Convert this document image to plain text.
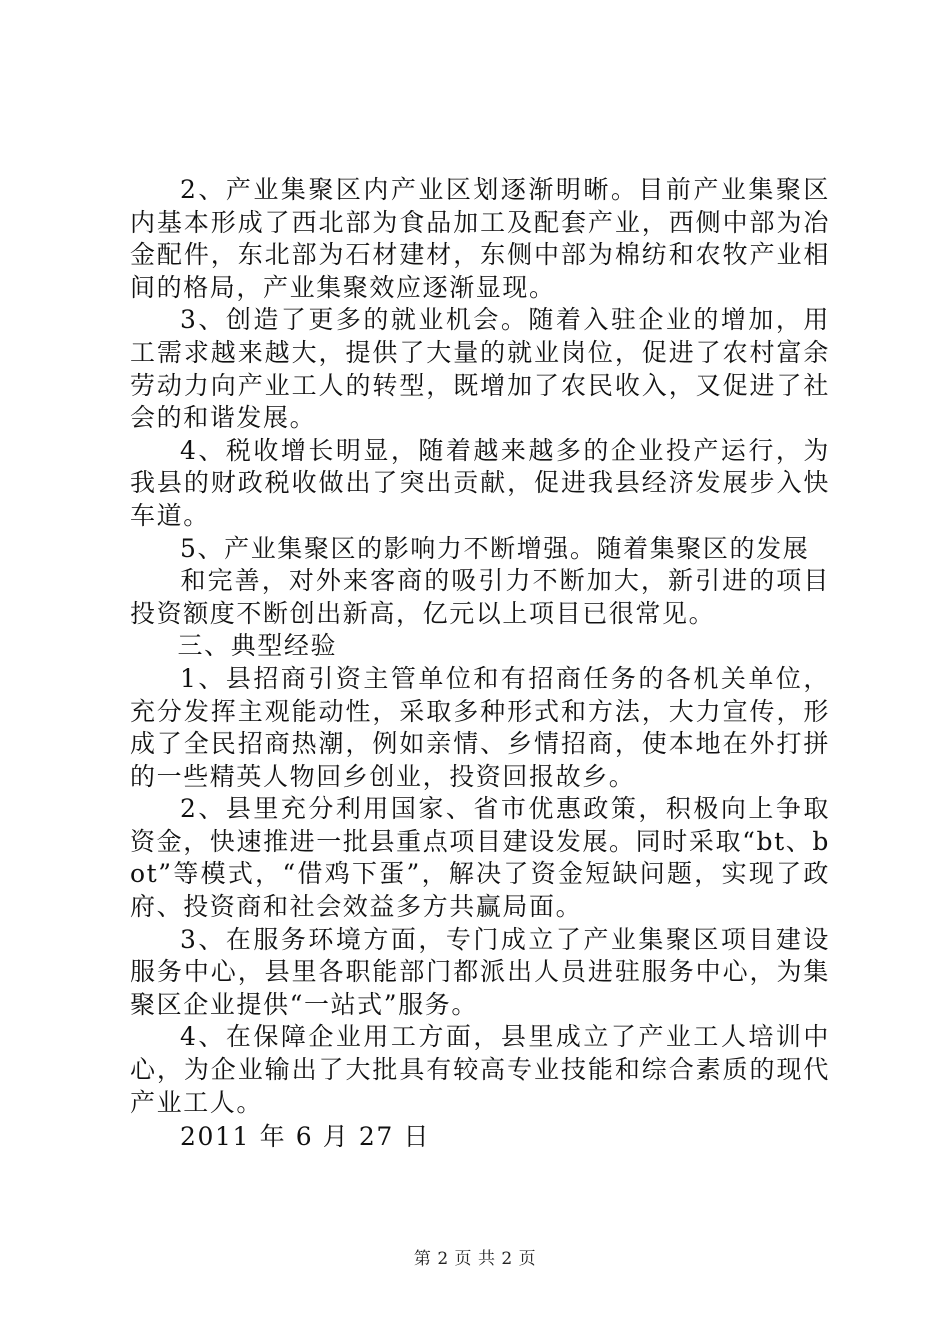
2、产业集聚区内产业区划逐渐明晰。目前产业集聚区内基本形成了西北部为食品加工及配套产业，西侧中部为冶金配件，东北部为石材建材，东侧中部为棉纺和农牧产业相间的格局，产业集聚效应逐渐显现。

3、创造了更多的就业机会。随着入驻企业的增加，用工需求越来越大，提供了大量的就业岗位，促进了农村富余劳动力向产业工人的转型，既增加了农民收入，又促进了社会的和谐发展。

4、税收增长明显，随着越来越多的企业投产运行，为我县的财政税收做出了突出贡献，促进我县经济发展步入快车道。

5、产业集聚区的影响力不断增强。随着集聚区的发展

和完善，对外来客商的吸引力不断加大，新引进的项目投资额度不断创出新高，亿元以上项目已很常见。

三、典型经验

1、县招商引资主管单位和有招商任务的各机关单位，充分发挥主观能动性，采取多种形式和方法，大力宣传，形成了全民招商热潮，例如亲情、乡情招商，使本地在外打拼的一些精英人物回乡创业，投资回报故乡。

2、县里充分利用国家、省市优惠政策，积极向上争取资金，快速推进一批县重点项目建设发展。同时采取“bt、bot”等模式，“借鸡下蛋”，解决了资金短缺问题，实现了政府、投资商和社会效益多方共赢局面。

3、在服务环境方面，专门成立了产业集聚区项目建设服务中心，县里各职能部门都派出人员进驻服务中心，为集聚区企业提供“一站式”服务。

4、在保障企业用工方面，县里成立了产业工人培训中心，为企业输出了大批具有较高专业技能和综合素质的现代产业工人。

2011 年 6 月 27 日

第 2 页 共 2 页
